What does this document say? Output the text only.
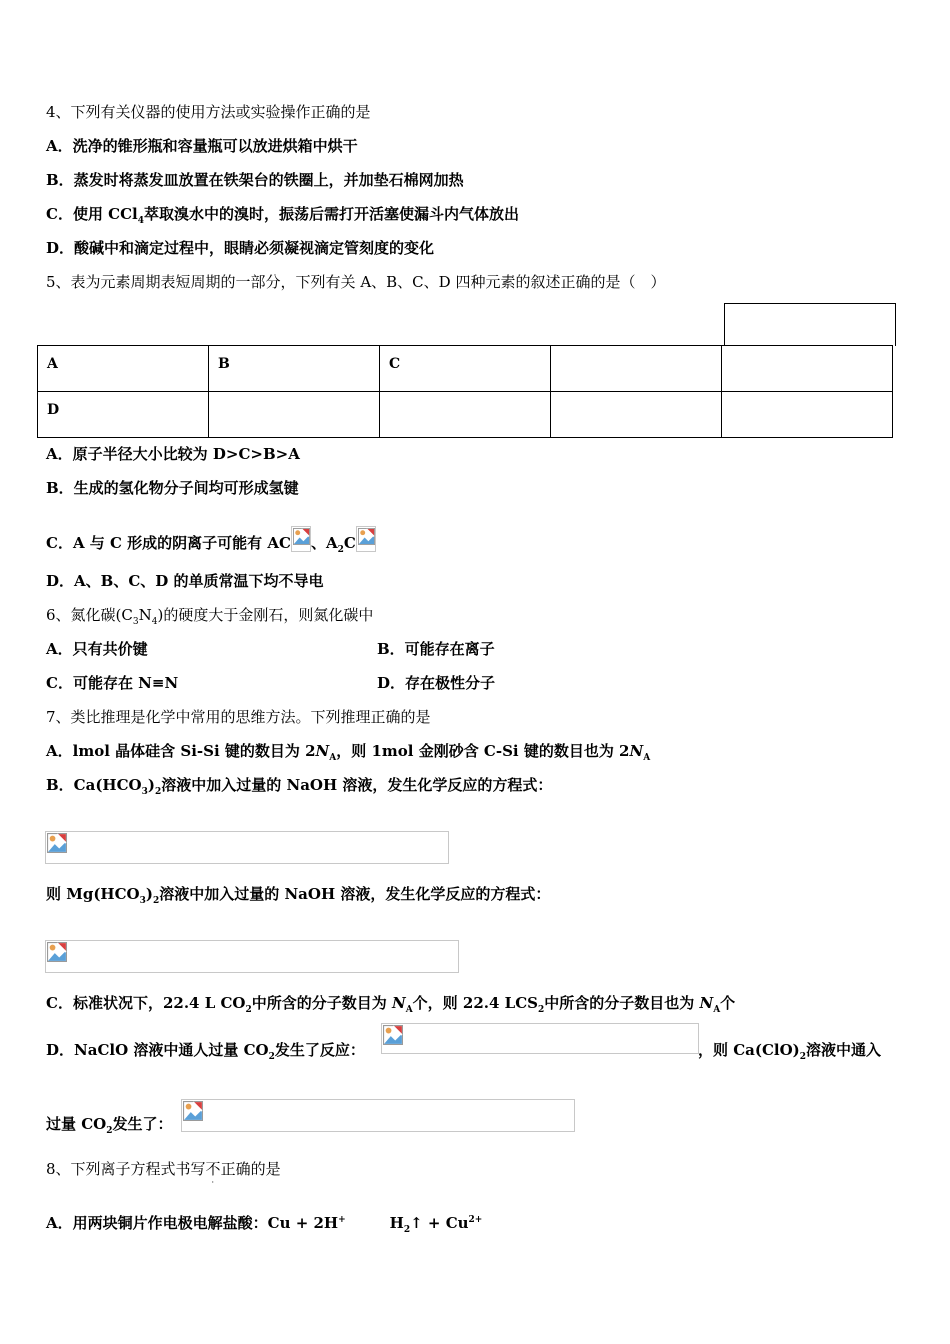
4、下列有关仪器的使用方法或实验操作正确的是
A．洗净的锥形瓶和容量瓶可以放进烘箱中烘干
B．蒸发时将蒸发皿放置在铁架台的铁圈上，并加垫石棉网加热
C．使用 CCl$_4$萃取溴水中的溴时，振荡后需打开活塞使漏斗内气体放出
D．酸碱中和滴定过程中，眼睛必须凝视滴定管刻度的变化
5、表为元素周期表短周期的一部分，下列有关 A、B、C、D 四种元素的叙述正确的是（　）
A	B	C		
D				
A．原子半径大小比较为 D>C>B>A
B．生成的氢化物分子间均可形成氢键
C．A 与 C 形成的阴离子可能有 AC 、$A_2C$
D．A、B、C、D 的单质常温下均不导电
6、氮化碳$(C_3N_4)$的硬度大于金刚石，则氮化碳中
A．只有共价键	B．可能存在离子
C．可能存在 N≡N	D．存在极性分子
7、类比推理是化学中常用的思维方法。下列推理正确的是
A．lmol 晶体硅含 Si-Si 键的数目为 $2N_A$，则 1mol 金刚砂含 C-Si 键的数目也为 $2N_A$
B．$Ca(HCO_3)_2$溶液中加入过量的 NaOH 溶液，发生化学反应的方程式：
则 $Mg(HCO_3)_2$溶液中加入过量的 NaOH 溶液，发生化学反应的方程式：
C．标准状况下，22.4 L $CO_2$中所含的分子数目为 $N_A$个，则 22.4 $LCS_2$中所含的分子数目也为 $N_A$个
D．NaClO 溶液中通人过量 $CO_2$发生了反应：	，则 $Ca(ClO)_2$溶液中通入
过量 $CO_2$发生了：
8、下列离子方程式书写不
·
正确的是
A．用两块铜片作电极电解盐酸：Cu + 2H+	$H_2↑ + Cu^{2+}$
